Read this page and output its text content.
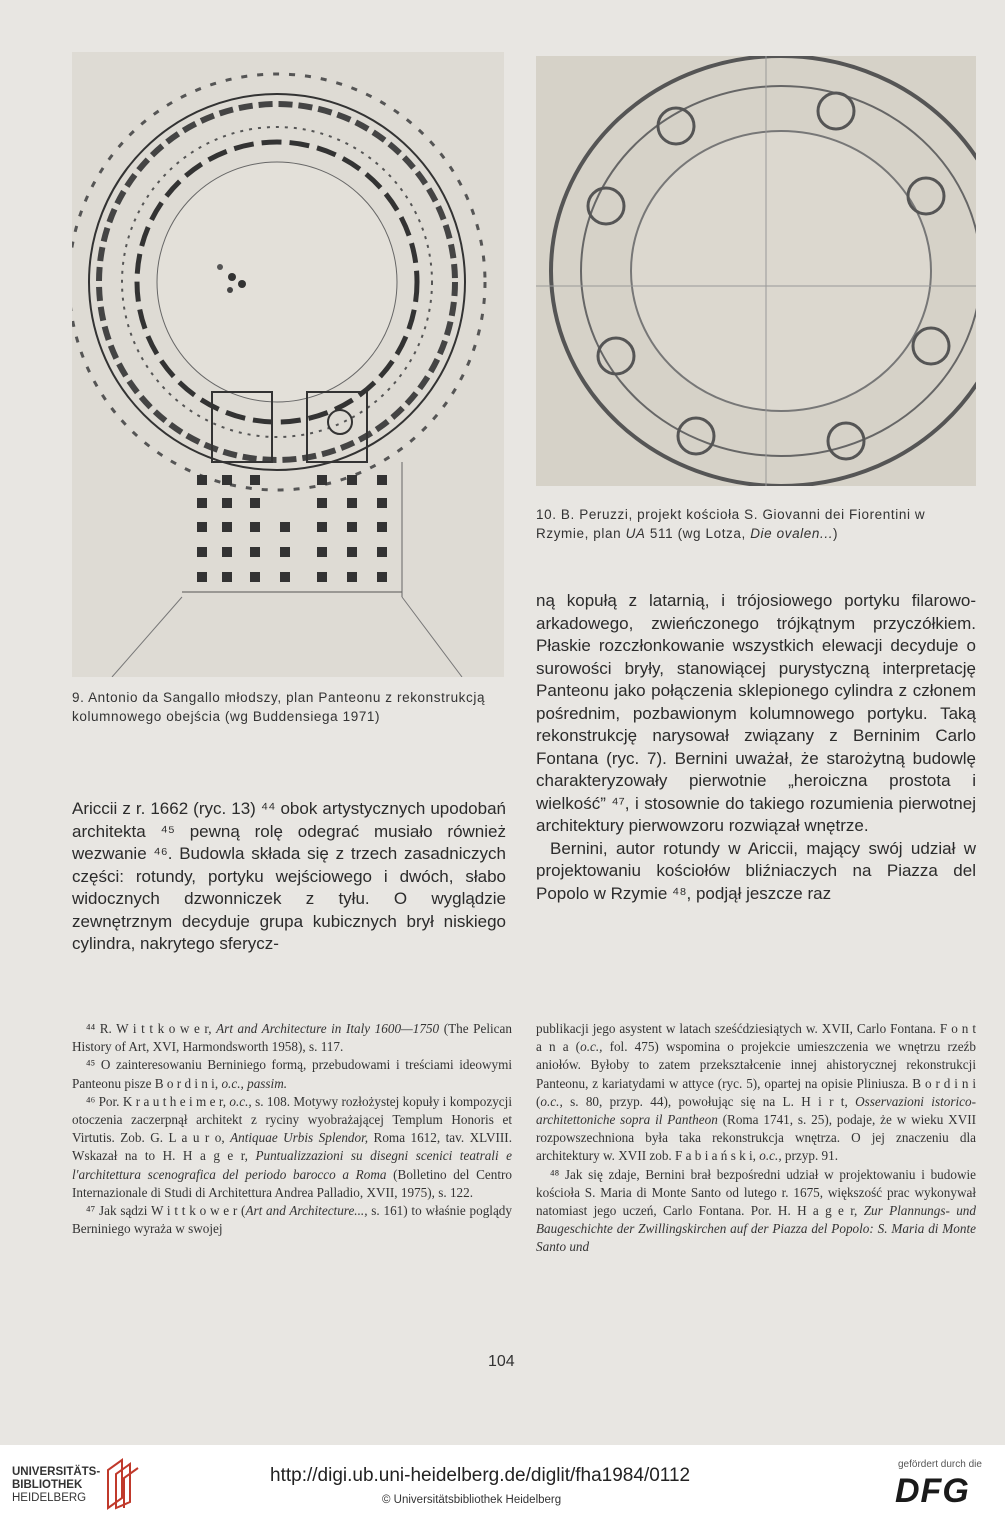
9. Antonio da Sangallo młodszy, plan Panteonu z rekonstrukcją kolumnowego obejścia (wg Buddensiega 1971)
10. B. Peruzzi, projekt kościoła S. Giovanni dei Fiorentini w Rzymie, plan UA 511 (wg Lotza, Die ovalen...)

Ariccii z r. 1662 (ryc. 13) ⁴⁴ obok artystycznych upodobań architekta ⁴⁵ pewną rolę odegrać musiało również wezwanie ⁴⁶. Budowla składa się z trzech zasadniczych części: rotundy, portyku wejściowego i dwóch, słabo widocznych dzwonniczek z tyłu. O wyglądzie zewnętrznym decyduje grupa kubicznych brył niskiego cylindra, nakrytego sferycz-

ną kopułą z latarnią, i trójosiowego portyku filarowo-arkadowego, zwieńczonego trójkątnym przyczółkiem. Płaskie rozczłonkowanie wszystkich elewacji decyduje o surowości bryły, stanowiącej purystyczną interpretację Panteonu jako połączenia sklepionego cylindra z członem pośrednim, pozbawionym kolumnowego portyku. Taką rekonstrukcję narysował związany z Berninim Carlo Fontana (ryc. 7). Bernini uważał, że starożytną budowlę charakteryzowały pierwotnie „heroiczna prostota i wielkość” ⁴⁷, i stosownie do takiego rozumienia pierwotnej architektury pierwowzoru rozwiązał wnętrze.

Bernini, autor rotundy w Ariccii, mający swój udział w projektowaniu kościołów bliźniaczych na Piazza del Popolo w Rzymie ⁴⁸, podjął jeszcze raz

⁴⁴ R. W i t t k o w e r, Art and Architecture in Italy 1600—1750 (The Pelican History of Art, XVI, Harmondsworth 1958), s. 117.

⁴⁵ O zainteresowaniu Berniniego formą, przebudowami i treściami ideowymi Panteonu pisze B o r d i n i, o.c., passim.

⁴⁶ Por. K r a u t h e i m e r, o.c., s. 108. Motywy rozłożystej kopuły i kompozycji otoczenia zaczerpnął architekt z ryciny wyobrażającej Templum Honoris et Virtutis. Zob. G. L a u r o, Antiquae Urbis Splendor, Roma 1612, tav. XLVIII. Wskazał na to H. H a g e r, Puntualizzazioni su disegni scenici teatrali e l'architettura scenografica del periodo barocco a Roma (Bolletino del Centro Internazionale di Studi di Architettura Andrea Palladio, XVII, 1975), s. 122.

⁴⁷ Jak sądzi W i t t k o w e r (Art and Architecture..., s. 161) to właśnie poglądy Berniniego wyraża w swojej

publikacji jego asystent w latach sześćdziesiątych w. XVII, Carlo Fontana. F o n t a n a (o.c., fol. 475) wspomina o projekcie umieszczenia we wnętrzu rzeźb aniołów. Byłoby to zatem przekształcenie innej ahistorycznej rekonstrukcji Panteonu, z kariatydami w attyce (ryc. 5), opartej na opisie Pliniusza. B o r d i n i (o.c., s. 80, przyp. 44), powołując się na L. H i r t, Osservazioni istorico-architettoniche sopra il Pantheon (Roma 1741, s. 25), podaje, że w wieku XVII rozpowszechniona była taka rekonstrukcja wnętrza. O jej znaczeniu dla architektury w. XVII zob. F a b i a ń s k i, o.c., przyp. 91.

⁴⁸ Jak się zdaje, Bernini brał bezpośredni udział w projektowaniu i budowie kościoła S. Maria di Monte Santo od lutego r. 1675, większość prac wykonywał natomiast jego uczeń, Carlo Fontana. Por. H. H a g e r, Zur Plannungs- und Baugeschichte der Zwillingskirchen auf der Piazza del Popolo: S. Maria di Monte Santo und

104
UNIVERSITÄTS-
BIBLIOTHEK
HEIDELBERG
http://digi.ub.uni-heidelberg.de/diglit/fha1984/0112
© Universitätsbibliothek Heidelberg
gefördert durch die
DFG
